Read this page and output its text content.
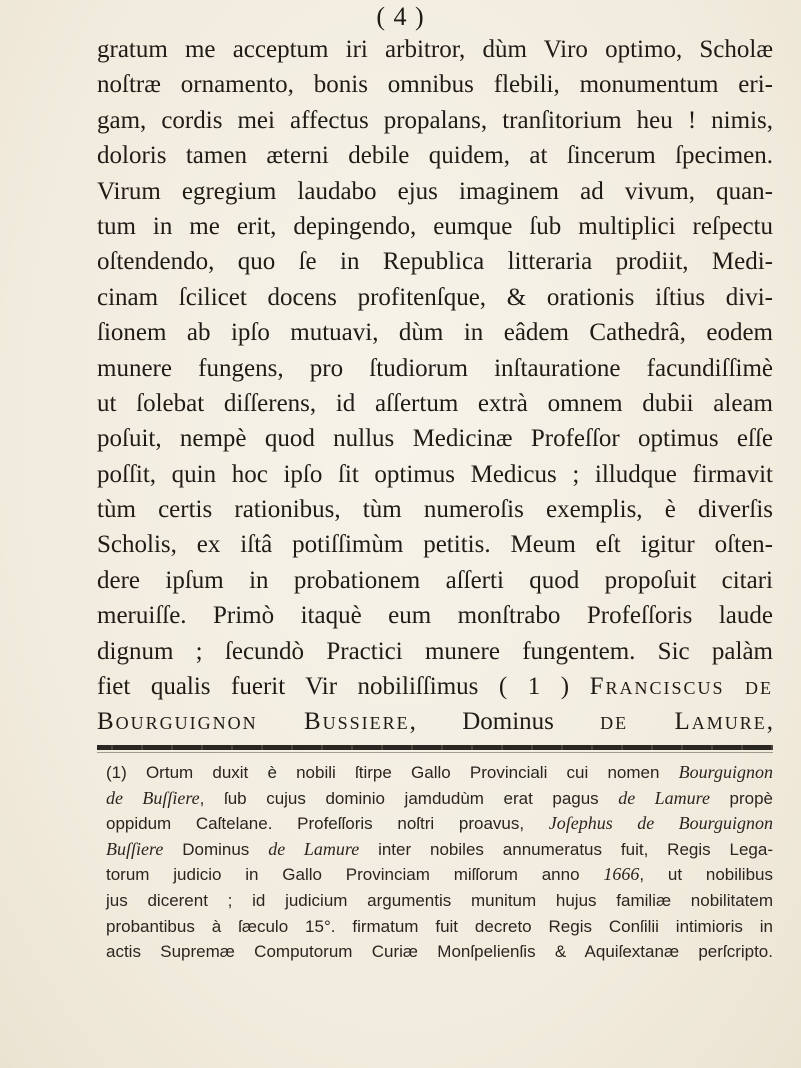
( 4 )
gratum me acceptum iri arbitror, dùm Viro optimo, Scholæ
noſtræ ornamento, bonis omnibus flebili, monumentum eri-
gam, cordis mei affectus propalans, tranſitorium heu ! nimis,
doloris tamen æterni debile quidem, at ſincerum ſpecimen.
Virum egregium laudabo ejus imaginem ad vivum, quan-
tum in me erit, depingendo, eumque ſub multiplici reſpectu
oſtendendo, quo ſe in Republica litteraria prodiit, Medi-
cinam ſcilicet docens profitenſque, & orationis iſtius divi-
ſionem ab ipſo mutuavi, dùm in eâdem Cathedrâ, eodem
munere fungens, pro ſtudiorum inſtauratione facundiſſimè
ut ſolebat diſſerens, id aſſertum extrà omnem dubii aleam
poſuit, nempè quod nullus Medicinæ Profeſſor optimus eſſe
poſſit, quin hoc ipſo ſit optimus Medicus ; illudque firmavit
tùm certis rationibus, tùm numeroſis exemplis, è diverſis
Scholis, ex iſtâ potiſſimùm petitis. Meum eſt igitur oſten-
dere ipſum in probationem aſſerti quod propoſuit citari
meruiſſe. Primò itaquè eum monſtrabo Profeſſoris laude
dignum ; ſecundò Practici munere fungentem. Sic palàm
fiet qualis fuerit Vir nobiliſſimus ( 1 ) Franciscus de
Bourguignon Bussiere, Dominus de Lamure,
(1) Ortum duxit è nobili ſtirpe Gallo Provinciali cui nomen Bourguignon
de Buſſiere, ſub cujus dominio jamdudùm erat pagus de Lamure propè
oppidum Caſtelane. Profeſſoris noſtri proavus, Joſephus de Bourguignon
Buſſiere Dominus de Lamure inter nobiles annumeratus fuit, Regis Lega-
torum judicio in Gallo Provinciam miſſorum anno 1666, ut nobilibus
jus dicerent ; id judicium argumentis munitum hujus familiæ nobilitatem
probantibus à ſæculo 15°. firmatum fuit decreto Regis Conſilii intimioris in
actis Supremæ Computorum Curiæ Monſpelienſis & Aquiſextanæ perſcripto.
